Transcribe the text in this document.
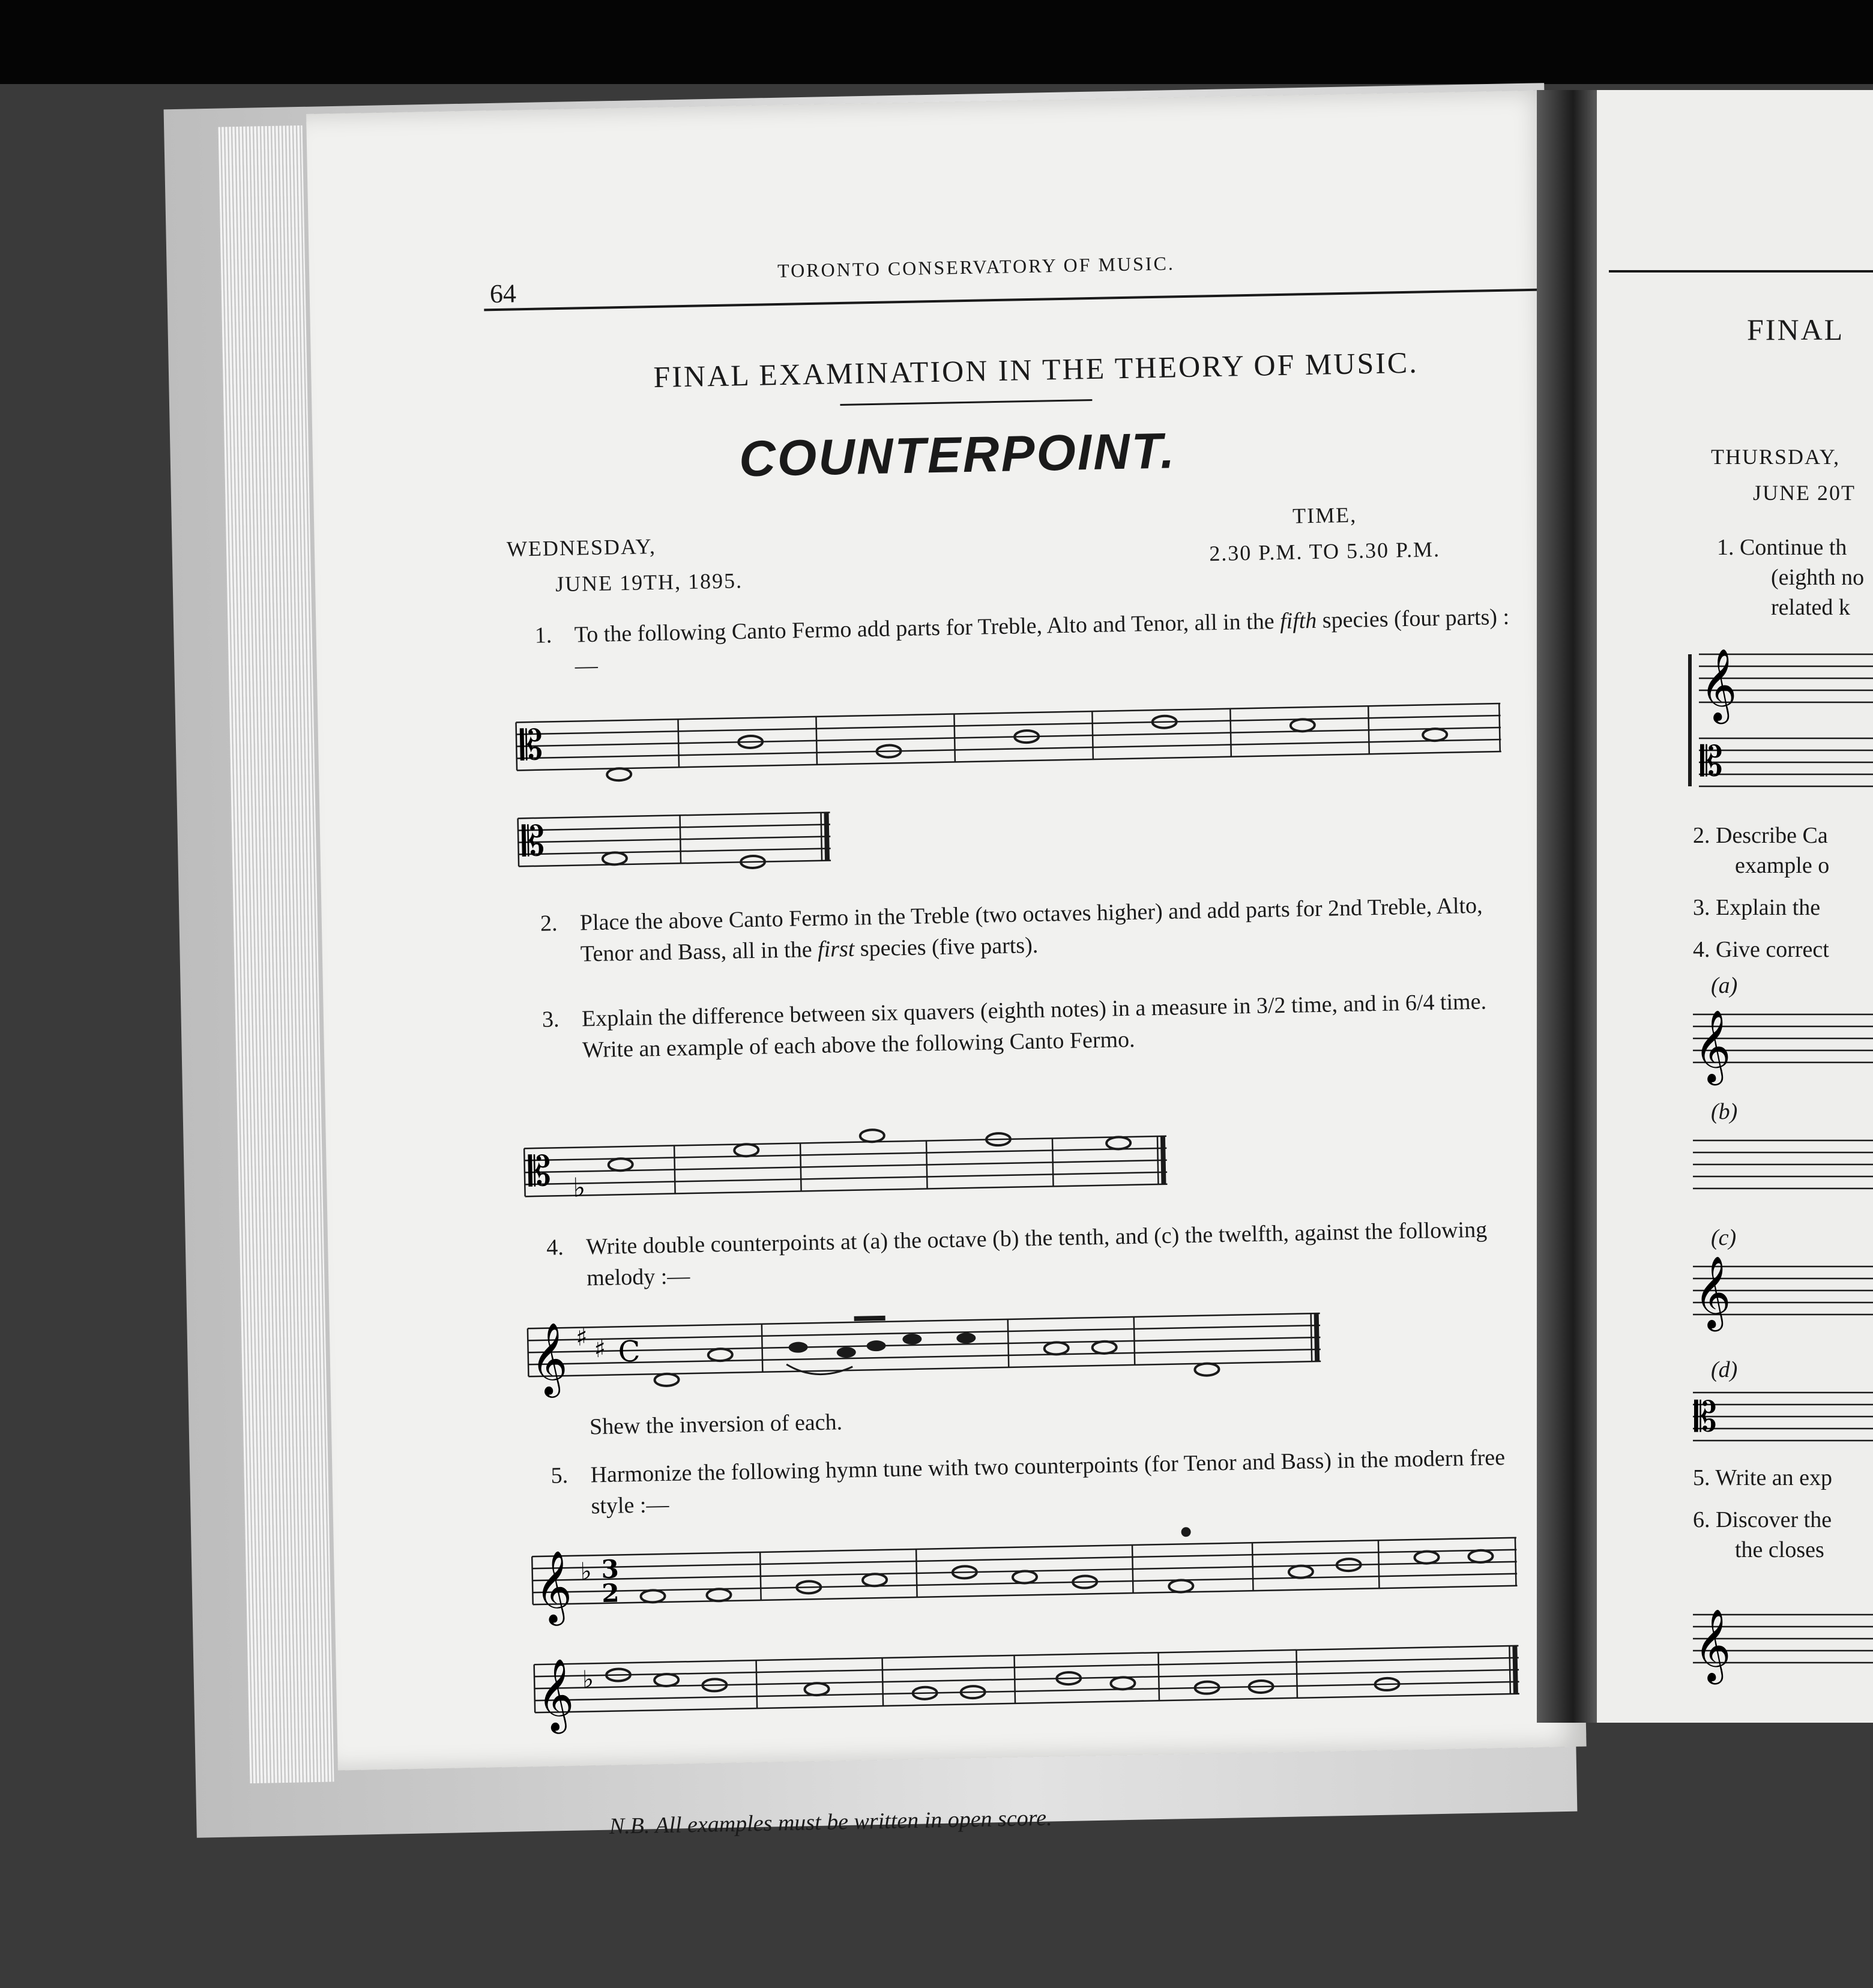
64
TORONTO CONSERVATORY OF MUSIC.
FINAL EXAMINATION IN THE THEORY OF MUSIC.
COUNTERPOINT.
WEDNESDAY,
JUNE 19TH, 1895.
TIME,
2.30 P.M. TO 5.30 P.M.
1. To the following Canto Fermo add parts for Treble, Alto and Tenor, all in the fifth species (four parts) :—
𝄡
𝄡
2. Place the above Canto Fermo in the Treble (two octaves higher) and add parts for 2nd Treble, Alto, Tenor and Bass, all in the first species (five parts).
3. Explain the difference between six quavers (eighth notes) in a measure in 3/2 time, and in 6/4 time.
Write an example of each above the following Canto Fermo.
𝄡 ♭
4. Write double counterpoints at (a) the octave (b) the tenth, and (c) the twelfth, against the following melody :—
𝄞 ♯ ♯ C
Shew the inversion of each.
5. Harmonize the following hymn tune with two counterpoints (for Tenor and Bass) in the modern free style :—
𝄞 ♭ 3
2
𝄞 ♭
N.B. All examples must be written in open score.
FINAL
THURSDAY,
JUNE 20T
1. Continue th
(eighth no
related k
𝄞
𝄡
2. Describe Ca
example o
3. Explain the
4. Give correct
(a)
(b)
(c)
(d)
𝄞
𝄞
𝄡
5. Write an exp
6. Discover the
the closes
𝄞
